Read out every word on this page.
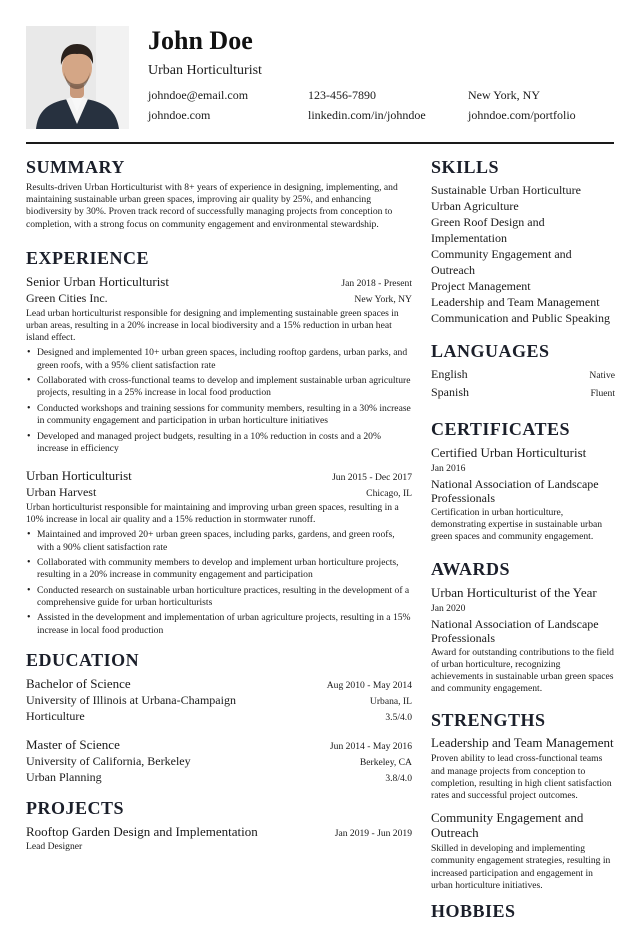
John Doe
Urban Horticulturist
johndoe@email.com	123-456-7890	New York, NY
johndoe.com	linkedin.com/in/johndoe	johndoe.com/portfolio
SUMMARY
Results-driven Urban Horticulturist with 8+ years of experience in designing, implementing, and maintaining sustainable urban green spaces, improving air quality by 25%, and enhancing biodiversity by 30%. Proven track record of successfully managing projects from conception to completion, with a strong focus on community engagement and environmental stewardship.
EXPERIENCE
Senior Urban Horticulturist	Jan 2018 - Present
Green Cities Inc.	New York, NY
Lead urban horticulturist responsible for designing and implementing sustainable green spaces in urban areas, resulting in a 20% increase in local biodiversity and a 15% reduction in urban heat island effect.
• Designed and implemented 10+ urban green spaces, including rooftop gardens, urban parks, and green roofs, with a 95% client satisfaction rate
• Collaborated with cross-functional teams to develop and implement sustainable urban agriculture projects, resulting in a 25% increase in local food production
• Conducted workshops and training sessions for community members, resulting in a 30% increase in community engagement and participation in urban horticulture initiatives
• Developed and managed project budgets, resulting in a 10% reduction in costs and a 20% increase in efficiency
Urban Horticulturist	Jun 2015 - Dec 2017
Urban Harvest	Chicago, IL
Urban horticulturist responsible for maintaining and improving urban green spaces, resulting in a 10% increase in local air quality and a 15% reduction in stormwater runoff.
• Maintained and improved 20+ urban green spaces, including parks, gardens, and green roofs, with a 90% client satisfaction rate
• Collaborated with community members to develop and implement urban horticulture projects, resulting in a 20% increase in community engagement and participation
• Conducted research on sustainable urban horticulture practices, resulting in the development of a comprehensive guide for urban horticulturists
• Assisted in the development and implementation of urban agriculture projects, resulting in a 15% increase in local food production
EDUCATION
Bachelor of Science	Aug 2010 - May 2014
University of Illinois at Urbana-Champaign	Urbana, IL
Horticulture	3.5/4.0
Master of Science	Jun 2014 - May 2016
University of California, Berkeley	Berkeley, CA
Urban Planning	3.8/4.0
PROJECTS
Rooftop Garden Design and Implementation	Jan 2019 - Jun 2019
Lead Designer
SKILLS
Sustainable Urban Horticulture
Urban Agriculture
Green Roof Design and Implementation
Community Engagement and Outreach
Project Management
Leadership and Team Management
Communication and Public Speaking
LANGUAGES
English	Native
Spanish	Fluent
CERTIFICATES
Certified Urban Horticulturist
Jan 2016
National Association of Landscape Professionals
Certification in urban horticulture, demonstrating expertise in sustainable urban green spaces and community engagement.
AWARDS
Urban Horticulturist of the Year
Jan 2020
National Association of Landscape Professionals
Award for outstanding contributions to the field of urban horticulture, recognizing achievements in sustainable urban green spaces and community engagement.
STRENGTHS
Leadership and Team Management
Proven ability to lead cross-functional teams and manage projects from conception to completion, resulting in high client satisfaction rates and successful project outcomes.
Community Engagement and Outreach
Skilled in developing and implementing community engagement strategies, resulting in increased participation and engagement in urban horticulture initiatives.
HOBBIES
